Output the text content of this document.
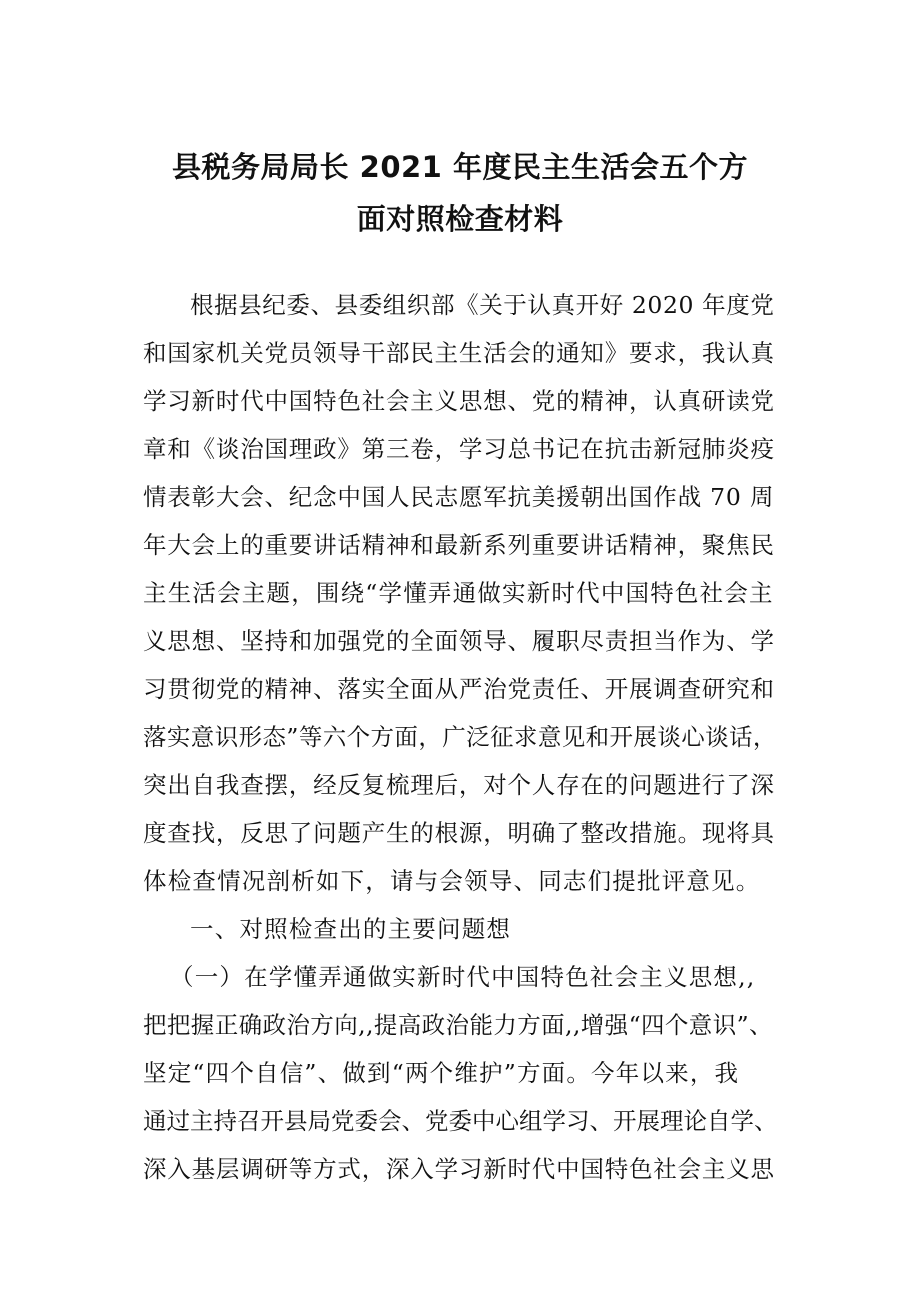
县税务局局长 2021 年度民主生活会五个方
面对照检查材料
根据县纪委、县委组织部《关于认真开好 2020 年度党
和国家机关党员领导干部民主生活会的通知》要求，我认真
学习新时代中国特色社会主义思想、党的精神，认真研读党
章和《谈治国理政》第三卷，学习总书记在抗击新冠肺炎疫
情表彰大会、纪念中国人民志愿军抗美援朝出国作战 70 周
年大会上的重要讲话精神和最新系列重要讲话精神，聚焦民
主生活会主题，围绕“学懂弄通做实新时代中国特色社会主
义思想、坚持和加强党的全面领导、履职尽责担当作为、学
习贯彻党的精神、落实全面从严治党责任、开展调查研究和
落实意识形态”等六个方面，广泛征求意见和开展谈心谈话，
突出自我查摆，经反复梳理后，对个人存在的问题进行了深
度查找，反思了问题产生的根源，明确了整改措施。现将具
体检查情况剖析如下，请与会领导、同志们提批评意见。
一、对照检查出的主要问题想
（一）在学懂弄通做实新时代中国特色社会主义思想,,
把把握正确政治方向,,提高政治能力方面,,增强“四个意识”、
坚定“四个自信”、做到“两个维护”方面。今年以来，我
通过主持召开县局党委会、党委中心组学习、开展理论自学、
深入基层调研等方式，深入学习新时代中国特色社会主义思
